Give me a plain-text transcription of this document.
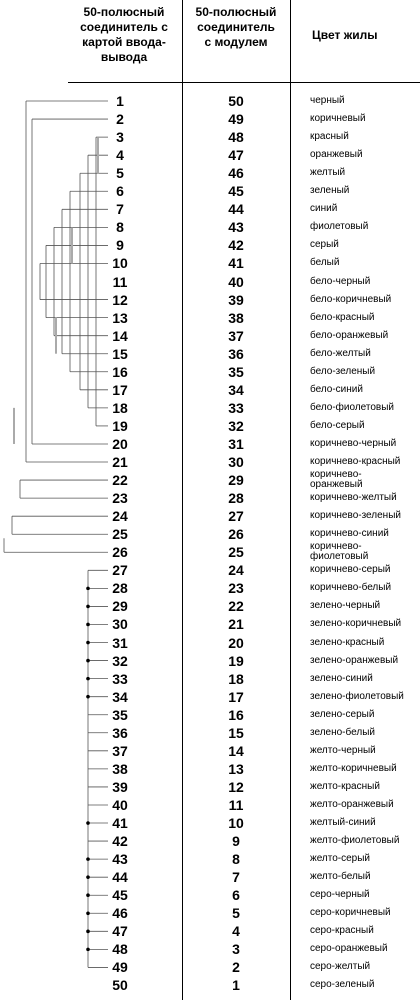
50-полюсный
соединитель с
картой ввода-
вывода
50-полюсный
соединитель
с модулем	Цвет жилы
1	50	черный
2	49	коричневый
3	48	красный
4	47	оранжевый
5	46	желтый
6	45	зеленый
7	44	синий
8	43	фиолетовый
9	42	серый
10	41	белый
11	40	бело-черный
12	39	бело-коричневый
13	38	бело-красный
14	37	бело-оранжевый
15	36	бело-желтый
16	35	бело-зеленый
17	34	бело-синий
18	33	бело-фиолетовый
19	32	бело-серый
20	31	коричнево-черный
21	30	коричнево-красный
22	29	коричнево-
оранжевый
23	28	коричнево-желтый
24	27	коричнево-зеленый
25	26	коричнево-синий
26	25	коричнево-
фиолетовый
27	24	коричнево-серый
28	23	коричнево-белый
29	22	зелено-черный
30	21	зелено-коричневый
31	20	зелено-красный
32	19	зелено-оранжевый
33	18	зелено-синий
34	17	зелено-фиолетовый
35	16	зелено-серый
36	15	зелено-белый
37	14	желто-черный
38	13	желто-коричневый
39	12	желто-красный
40	11	желто-оранжевый
41	10	желтый-синий
42	9	желто-фиолетовый
43	8	желто-серый
44	7	желто-белый
45	6	серо-черный
46	5	серо-коричневый
47	4	серо-красный
48	3	серо-оранжевый
49	2	серо-желтый
50	1	серо-зеленый
